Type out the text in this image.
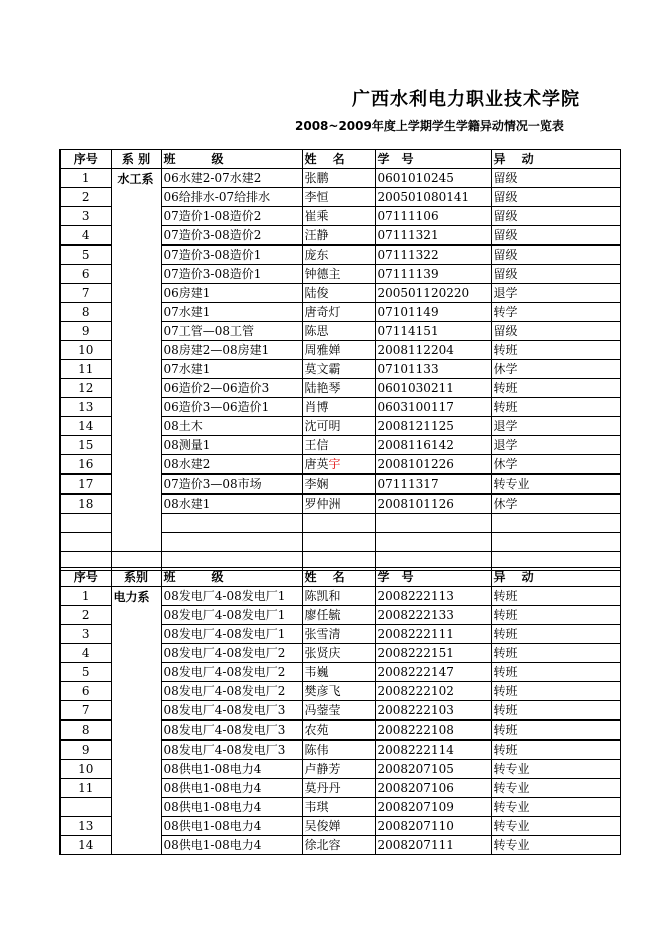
广西水利电力职业技术学院
2008~2009年度上学期学生学籍异动情况一览表
序号	系 别	班　　　级	姓　 名	学　号	异　 动
1	水工系	06水建2-07水建2	张鹏	0601010245	留级
2		06给排水-07给排水	李恒	200501080141	留级
3		07造价1-08造价2	崔乘	07111106	留级
4		07造价3-08造价2	汪静	07111321	留级
5		07造价3-08造价1	庞东	07111322	留级
6		07造价3-08造价1	钟德主	07111139	留级
7		06房建1	陆俊	200501120220	退学
8		07水建1	唐奇灯	07101149	转学
9		07工管—08工管	陈思	07114151	留级
10		08房建2—08房建1	周雅婵	2008112204	转班
11		07水建1	莫文霸	07101133	休学
12		06造价2—06造价3	陆艳琴	0601030211	转班
13		06造价3—06造价1	肖博	0603100117	转班
14		08土木	沈可明	2008121125	退学
15		08测量1	王信	2008116142	退学
16		08水建2	唐英宇	2008101226	休学
17		07造价3—08市场	李娴	07111317	转专业
18		08水建1	罗仲洲	2008101126	休学

序号	系别	班　　　级	姓　 名	学　号	异　 动
1	电力系	08发电厂4-08发电厂1	陈凯和	2008222113	转班
2		08发电厂4-08发电厂1	廖任毓	2008222133	转班
3		08发电厂4-08发电厂1	张雪清	2008222111	转班
4		08发电厂4-08发电厂2	张贤庆	2008222151	转班
5		08发电厂4-08发电厂2	韦巍	2008222147	转班
6		08发电厂4-08发电厂2	樊彦飞	2008222102	转班
7		08发电厂4-08发电厂3	冯蓥莹	2008222103	转班
8		08发电厂4-08发电厂3	农苑	2008222108	转班
9		08发电厂4-08发电厂3	陈伟	2008222114	转班
10		08供电1-08电力4	卢静芳	2008207105	转专业
11		08供电1-08电力4	莫丹丹	2008207106	转专业
		08供电1-08电力4	韦琪	2008207109	转专业
13		08供电1-08电力4	吴俊婵	2008207110	转专业
14		08供电1-08电力4	徐北容	2008207111	转专业
